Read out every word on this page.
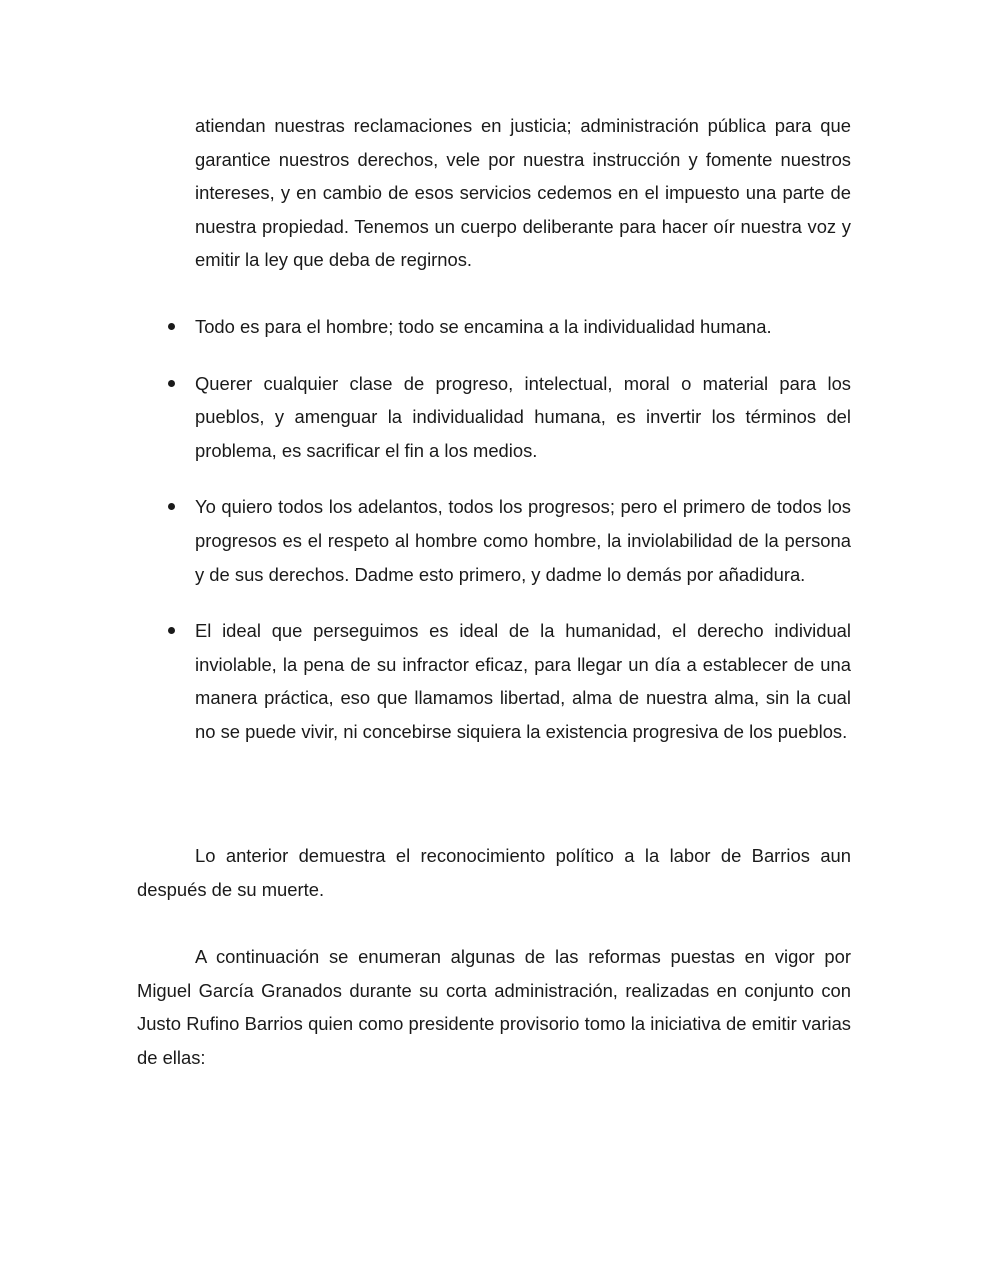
atiendan nuestras reclamaciones en justicia; administración pública para que garantice nuestros derechos, vele por nuestra instrucción y fomente nuestros intereses, y en cambio de esos servicios cedemos en el impuesto una parte de nuestra propiedad. Tenemos un cuerpo deliberante para hacer oír nuestra voz y emitir la ley que deba de regirnos.

Todo es para el hombre; todo se encamina a la individualidad humana.
Querer cualquier clase de progreso, intelectual, moral o material para los pueblos, y amenguar la individualidad humana, es invertir los términos del problema, es sacrificar el fin a los medios.
Yo quiero todos los adelantos, todos los progresos; pero el primero de todos los progresos es el respeto al hombre como hombre, la inviolabilidad de la persona y de sus derechos. Dadme esto primero, y dadme lo demás por añadidura.
El ideal que perseguimos es ideal de la humanidad, el derecho individual inviolable, la pena de su infractor eficaz, para llegar un día a establecer de una manera práctica, eso que llamamos libertad, alma de nuestra alma, sin la cual no se puede vivir, ni concebirse siquiera la existencia progresiva de los pueblos.

Lo anterior demuestra el reconocimiento político a la labor de Barrios aun después de su muerte.

A continuación se enumeran algunas de las reformas puestas en vigor por Miguel García Granados durante su corta administración, realizadas en conjunto con Justo Rufino Barrios quien como presidente provisorio tomo la iniciativa de emitir varias de ellas:
